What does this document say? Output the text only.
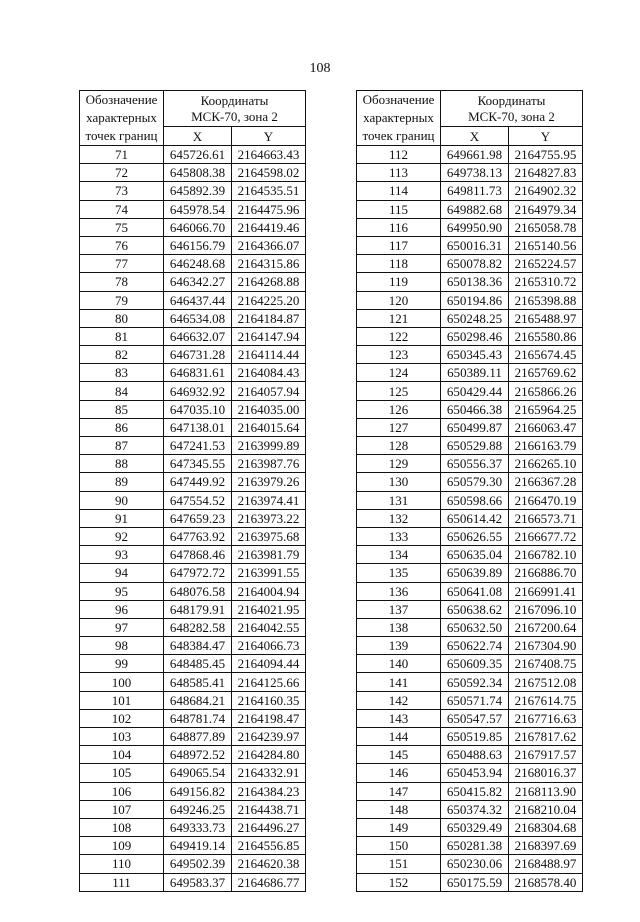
108
Обозначение
характерных
точек границ	Координаты
МСК-70, зона 2	

	X	Y
71	645726.61	2164663.43
72	645808.38	2164598.02
73	645892.39	2164535.51
74	645978.54	2164475.96
75	646066.70	2164419.46
76	646156.79	2164366.07
77	646248.68	2164315.86
78	646342.27	2164268.88
79	646437.44	2164225.20
80	646534.08	2164184.87
81	646632.07	2164147.94
82	646731.28	2164114.44
83	646831.61	2164084.43
84	646932.92	2164057.94
85	647035.10	2164035.00
86	647138.01	2164015.64
87	647241.53	2163999.89
88	647345.55	2163987.76
89	647449.92	2163979.26
90	647554.52	2163974.41
91	647659.23	2163973.22
92	647763.92	2163975.68
93	647868.46	2163981.79
94	647972.72	2163991.55
95	648076.58	2164004.94
96	648179.91	2164021.95
97	648282.58	2164042.55
98	648384.47	2164066.73
99	648485.45	2164094.44
100	648585.41	2164125.66
101	648684.21	2164160.35
102	648781.74	2164198.47
103	648877.89	2164239.97
104	648972.52	2164284.80
105	649065.54	2164332.91
106	649156.82	2164384.23
107	649246.25	2164438.71
108	649333.73	2164496.27
109	649419.14	2164556.85
110	649502.39	2164620.38
111	649583.37	2164686.77
Обозначение
характерных
точек границ	Координаты
МСК-70, зона 2	

	X	Y
112	649661.98	2164755.95
113	649738.13	2164827.83
114	649811.73	2164902.32
115	649882.68	2164979.34
116	649950.90	2165058.78
117	650016.31	2165140.56
118	650078.82	2165224.57
119	650138.36	2165310.72
120	650194.86	2165398.88
121	650248.25	2165488.97
122	650298.46	2165580.86
123	650345.43	2165674.45
124	650389.11	2165769.62
125	650429.44	2165866.26
126	650466.38	2165964.25
127	650499.87	2166063.47
128	650529.88	2166163.79
129	650556.37	2166265.10
130	650579.30	2166367.28
131	650598.66	2166470.19
132	650614.42	2166573.71
133	650626.55	2166677.72
134	650635.04	2166782.10
135	650639.89	2166886.70
136	650641.08	2166991.41
137	650638.62	2167096.10
138	650632.50	2167200.64
139	650622.74	2167304.90
140	650609.35	2167408.75
141	650592.34	2167512.08
142	650571.74	2167614.75
143	650547.57	2167716.63
144	650519.85	2167817.62
145	650488.63	2167917.57
146	650453.94	2168016.37
147	650415.82	2168113.90
148	650374.32	2168210.04
149	650329.49	2168304.68
150	650281.38	2168397.69
151	650230.06	2168488.97
152	650175.59	2168578.40
